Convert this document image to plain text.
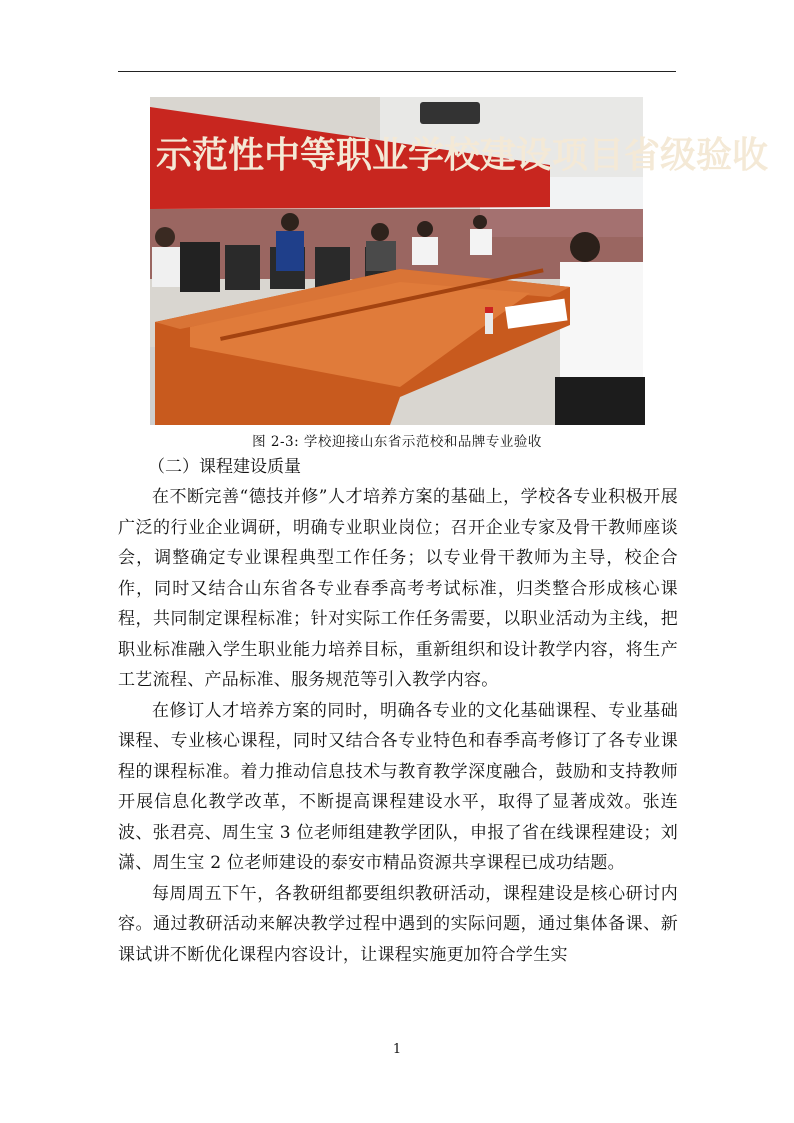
示范性中等职业学校建设项目省级验收
图 2-3: 学校迎接山东省示范校和品牌专业验收
（二）课程建设质量

在不断完善“德技并修”人才培养方案的基础上，学校各专业积极开展广泛的行业企业调研，明确专业职业岗位；召开企业专家及骨干教师座谈会，调整确定专业课程典型工作任务；以专业骨干教师为主导，校企合作，同时又结合山东省各专业春季高考考试标准，归类整合形成核心课程，共同制定课程标准；针对实际工作任务需要，以职业活动为主线，把职业标准融入学生职业能力培养目标，重新组织和设计教学内容，将生产工艺流程、产品标准、服务规范等引入教学内容。

在修订人才培养方案的同时，明确各专业的文化基础课程、专业基础课程、专业核心课程，同时又结合各专业特色和春季高考修订了各专业课程的课程标准。着力推动信息技术与教育教学深度融合，鼓励和支持教师开展信息化教学改革，不断提高课程建设水平，取得了显著成效。张连波、张君亮、周生宝 3 位老师组建教学团队，申报了省在线课程建设；刘潇、周生宝 2 位老师建设的泰安市精品资源共享课程已成功结题。

每周周五下午，各教研组都要组织教研活动，课程建设是核心研讨内容。通过教研活动来解决教学过程中遇到的实际问题，通过集体备课、新课试讲不断优化课程内容设计，让课程实施更加符合学生实

1
